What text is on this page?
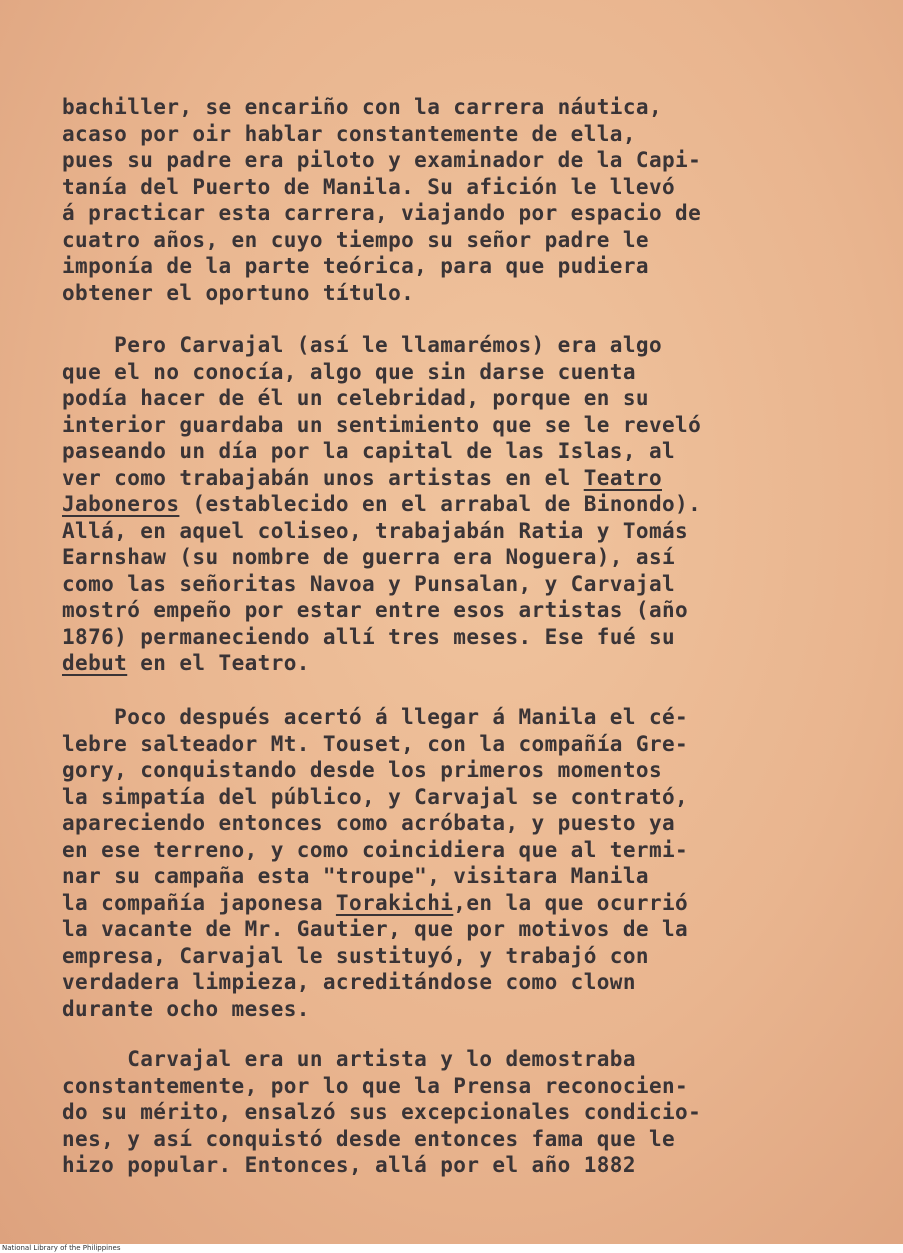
bachiller, se encariño con la carrera náutica,
acaso por oir hablar constantemente de ella,
pues su padre era piloto y examinador de la Capi-
tanía del Puerto de Manila. Su afición le llevó
á practicar esta carrera, viajando por espacio de
cuatro años, en cuyo tiempo su señor padre le
imponía de la parte teórica, para que pudiera
obtener el oportuno título.
Pero Carvajal (así le llamarémos) era algo
que el no conocía, algo que sin darse cuenta
podía hacer de él un celebridad, porque en su
interior guardaba un sentimiento que se le reveló
paseando un día por la capital de las Islas, al
ver como trabajabán unos artistas en el Teatro
Jaboneros (establecido en el arrabal de Binondo).
Allá, en aquel coliseo, trabajabán Ratia y Tomás
Earnshaw (su nombre de guerra era Noguera), así
como las señoritas Navoa y Punsalan, y Carvajal
mostró empeño por estar entre esos artistas (año
1876) permaneciendo allí tres meses. Ese fué su
debut en el Teatro.
Poco después acertó á llegar á Manila el cé-
lebre salteador Mt. Touset, con la compañía Gre-
gory, conquistando desde los primeros momentos
la simpatía del público, y Carvajal se contrató,
apareciendo entonces como acróbata, y puesto ya
en ese terreno, y como coincidiera que al termi-
nar su campaña esta "troupe", visitara Manila
la compañía japonesa Torakichi,en la que ocurrió
la vacante de Mr. Gautier, que por motivos de la
empresa, Carvajal le sustituyó, y trabajó con
verdadera limpieza, acreditándose como clown
durante ocho meses.
Carvajal era un artista y lo demostraba
constantemente, por lo que la Prensa reconocien-
do su mérito, ensalzó sus excepcionales condicio-
nes, y así conquistó desde entonces fama que le
hizo popular. Entonces, allá por el año 1882
National Library of the Philippines
